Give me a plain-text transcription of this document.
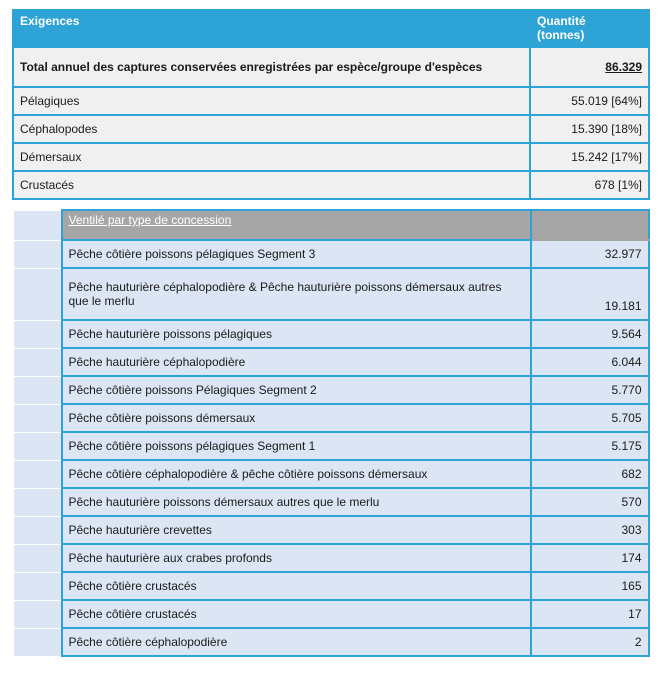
Exigences	Quantité
(tonnes)

Total annuel des captures conservées enregistrées par espèce/groupe d'espèces	86.329
Pélagiques	55.019 [64%]
Céphalopodes	15.390 [18%]
Démersaux	15.242 [17%]
Crustacés	678 [1%]
	Ventilé par type de concession	
	Pêche côtière poissons pélagiques Segment 3	32.977
	Pêche hauturière céphalopodière & Pêche hauturière poissons démersaux autres que le merlu	19.181
	Pêche hauturière poissons pélagiques	9.564
	Pêche hauturière céphalopodière	6.044
	Pêche côtière poissons Pélagiques Segment 2	5.770
	Pêche côtière poissons démersaux	5.705
	Pêche côtière poissons pélagiques Segment 1	5.175
	Pêche côtière céphalopodière & pêche côtière poissons démersaux	682
	Pêche hauturière poissons démersaux autres que le merlu	570
	Pêche hauturière crevettes	303
	Pêche hauturière aux crabes profonds	174
	Pêche côtière crustacés	165
	Pêche côtière crustacés	17
	Pêche côtière céphalopodière	2
